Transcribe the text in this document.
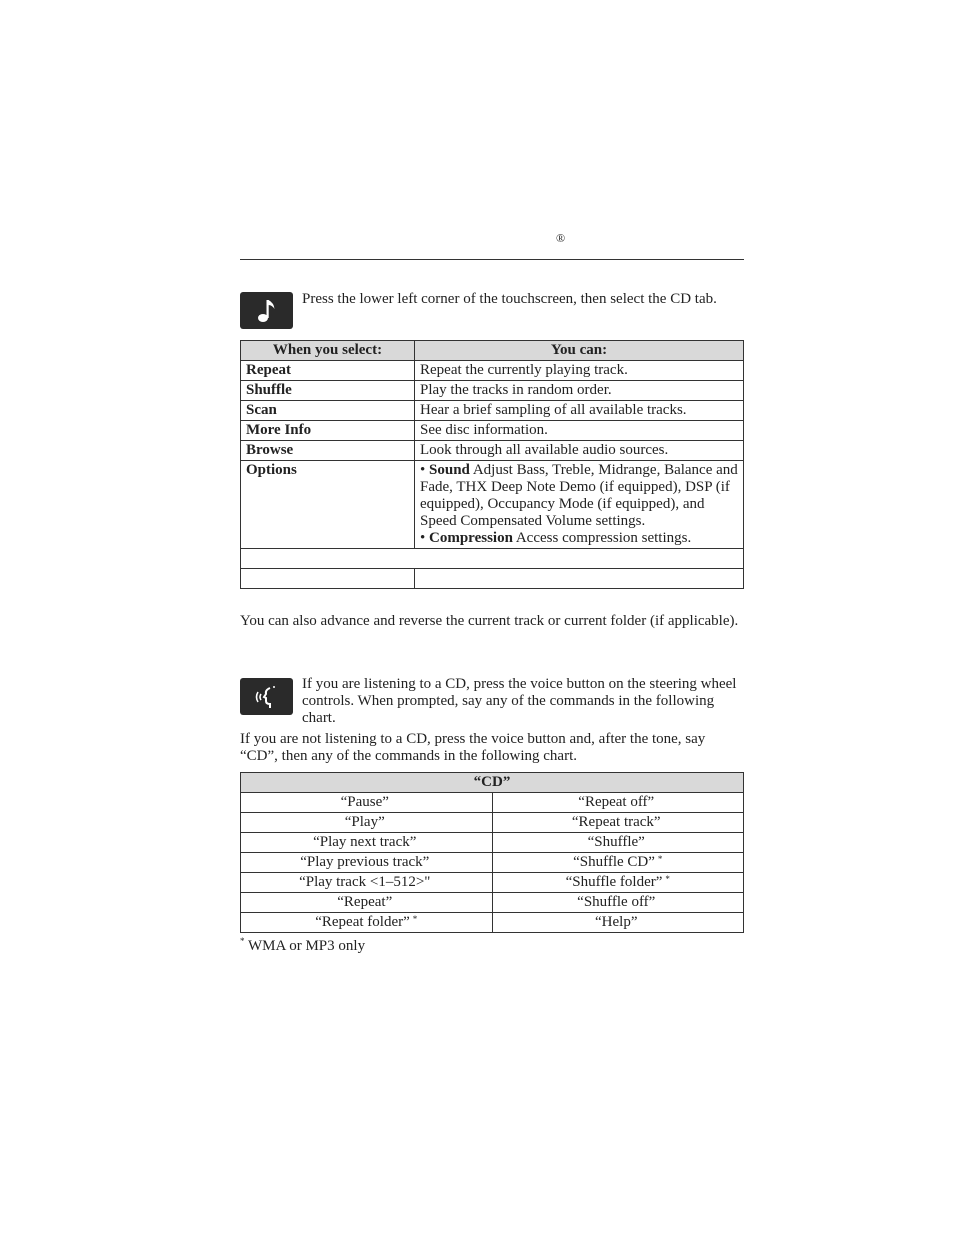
®
Press the lower left corner of the touchscreen, then select the CD tab.
When you select:	You can:
Repeat	Repeat the currently playing track.
Shuffle	Play the tracks in random order.
Scan	Hear a brief sampling of all available tracks.
More Info	See disc information.
Browse	Look through all available audio sources.
Options	• Sound Adjust Bass, Treble, Midrange, Balance and Fade, THX Deep Note Demo (if equipped), DSP (if equipped), Occupancy Mode (if equipped), and Speed Compensated Volume settings.
• Compression Access compression settings.

You can also advance and reverse the current track or current folder (if applicable).
If you are listening to a CD, press the voice button on the steering wheel controls. When prompted, say any of the commands in the following chart.
If you are not listening to a CD, press the voice button and, after the tone, say “CD”, then any of the commands in the following chart.
“CD”	
“Pause”	“Repeat off”
“Play”	“Repeat track”
“Play next track”	“Shuffle”
“Play previous track”	“Shuffle CD” *
“Play track <1–512>"	“Shuffle folder” *
“Repeat”	“Shuffle off”
“Repeat folder” *	“Help”
* WMA or MP3 only
